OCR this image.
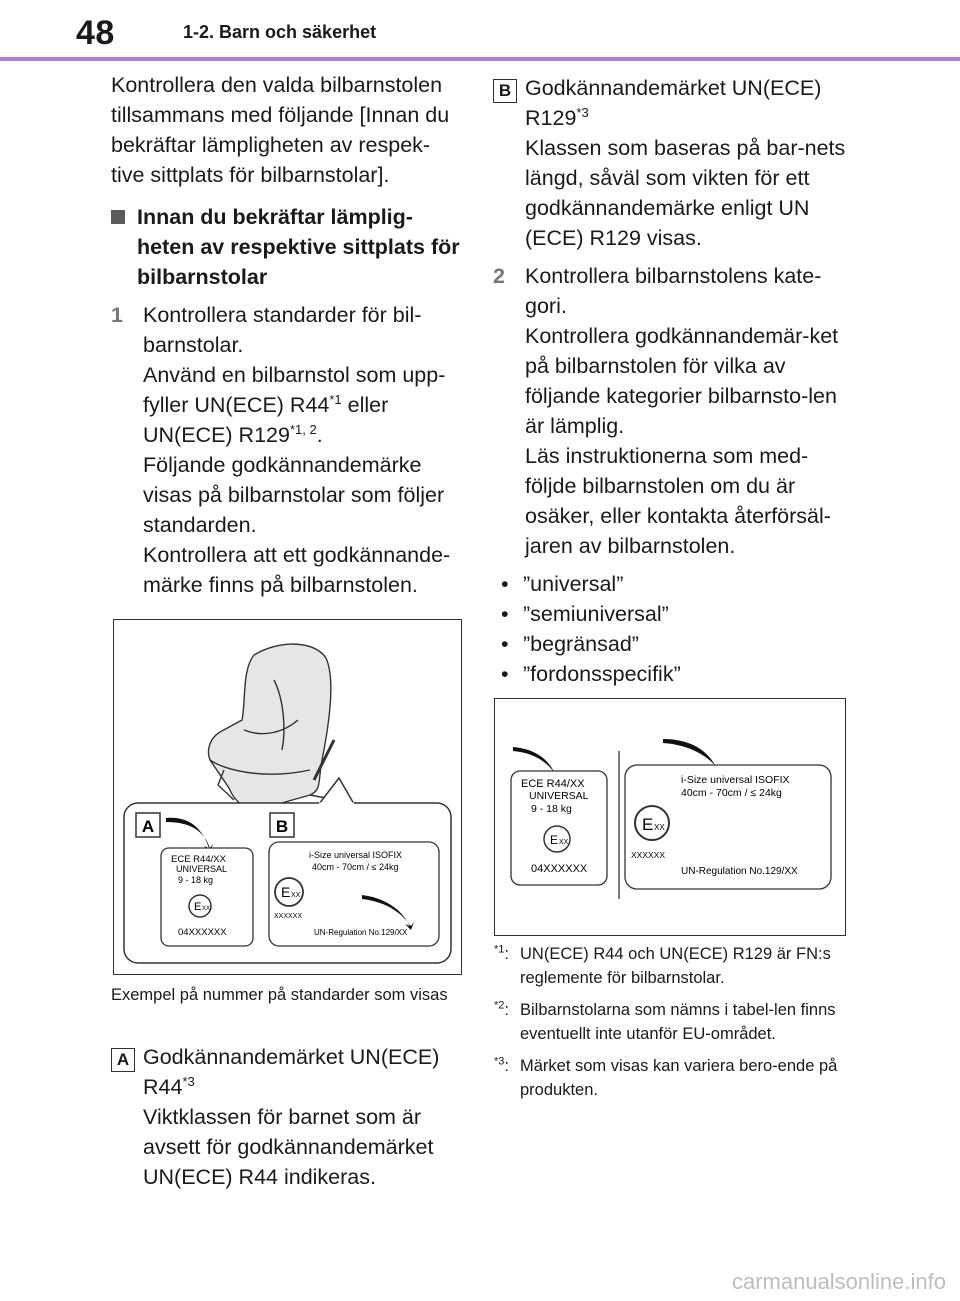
48	1-2. Barn och säkerhet

Kontrollera den valda bilbarnstolen tillsammans med följande [Innan du bekräftar lämpligheten av respek-tive sittplats för bilbarnstolar].

Innan du bekräftar lämplig-heten av respektive sittplats för bilbarnstolar
1 Kontrollera standarder för bil-barnstolar.

Använd en bilbarnstol som upp-fyller UN(ECE) R44$^{*1}$ eller UN(ECE) R129$^{*1, 2}$.

Följande godkännandemärke visas på bilbarnstolar som följer standarden.

Kontrollera att ett godkännande-märke finns på bilbarnstolen.

A	B
ECE R44/XX
UNIVERSAL
9 - 18 kg
E XX
04XXXXXX
i-Size universal ISOFIX
40cm - 70cm / ≤ 24kg
E XX
XXXXXX
UN-Regulation No.129/XX
Exempel på nummer på standarder som visas
A Godkännandemärket UN(ECE) R44$^{*3}$

Viktklassen för barnet som är avsett för godkännandemärket UN(ECE) R44 indikeras.

B Godkännandemärket UN(ECE) R129$^{*3}$

Klassen som baseras på bar-nets längd, såväl som vikten för ett godkännandemärke enligt UN (ECE) R129 visas.

2 Kontrollera bilbarnstolens kate-gori.

Kontrollera godkännandemär-ket på bilbarnstolen för vilka av följande kategorier bilbarnsto-len är lämplig.

Läs instruktionerna som med-följde bilbarnstolen om du är osäker, eller kontakta återförsäl-jaren av bilbarnstolen.

• ”universal”
• ”semiuniversal”
• ”begränsad”
• ”fordonsspecifik”
ECE R44/XX
UNIVERSAL
9 - 18 kg
E XX
04XXXXXX
i-Size universal ISOFIX
40cm - 70cm / ≤ 24kg
E XX
XXXXXX
UN-Regulation No.129/XX
$^{*1}$: UN(ECE) R44 och UN(ECE) R129 är FN:s reglemente för bilbarnstolar.
$^{*2}$: Bilbarnstolarna som nämns i tabel-len finns eventuellt inte utanför EU-området.
$^{*3}$: Märket som visas kan variera bero-ende på produkten.
carmanualsonline.info
